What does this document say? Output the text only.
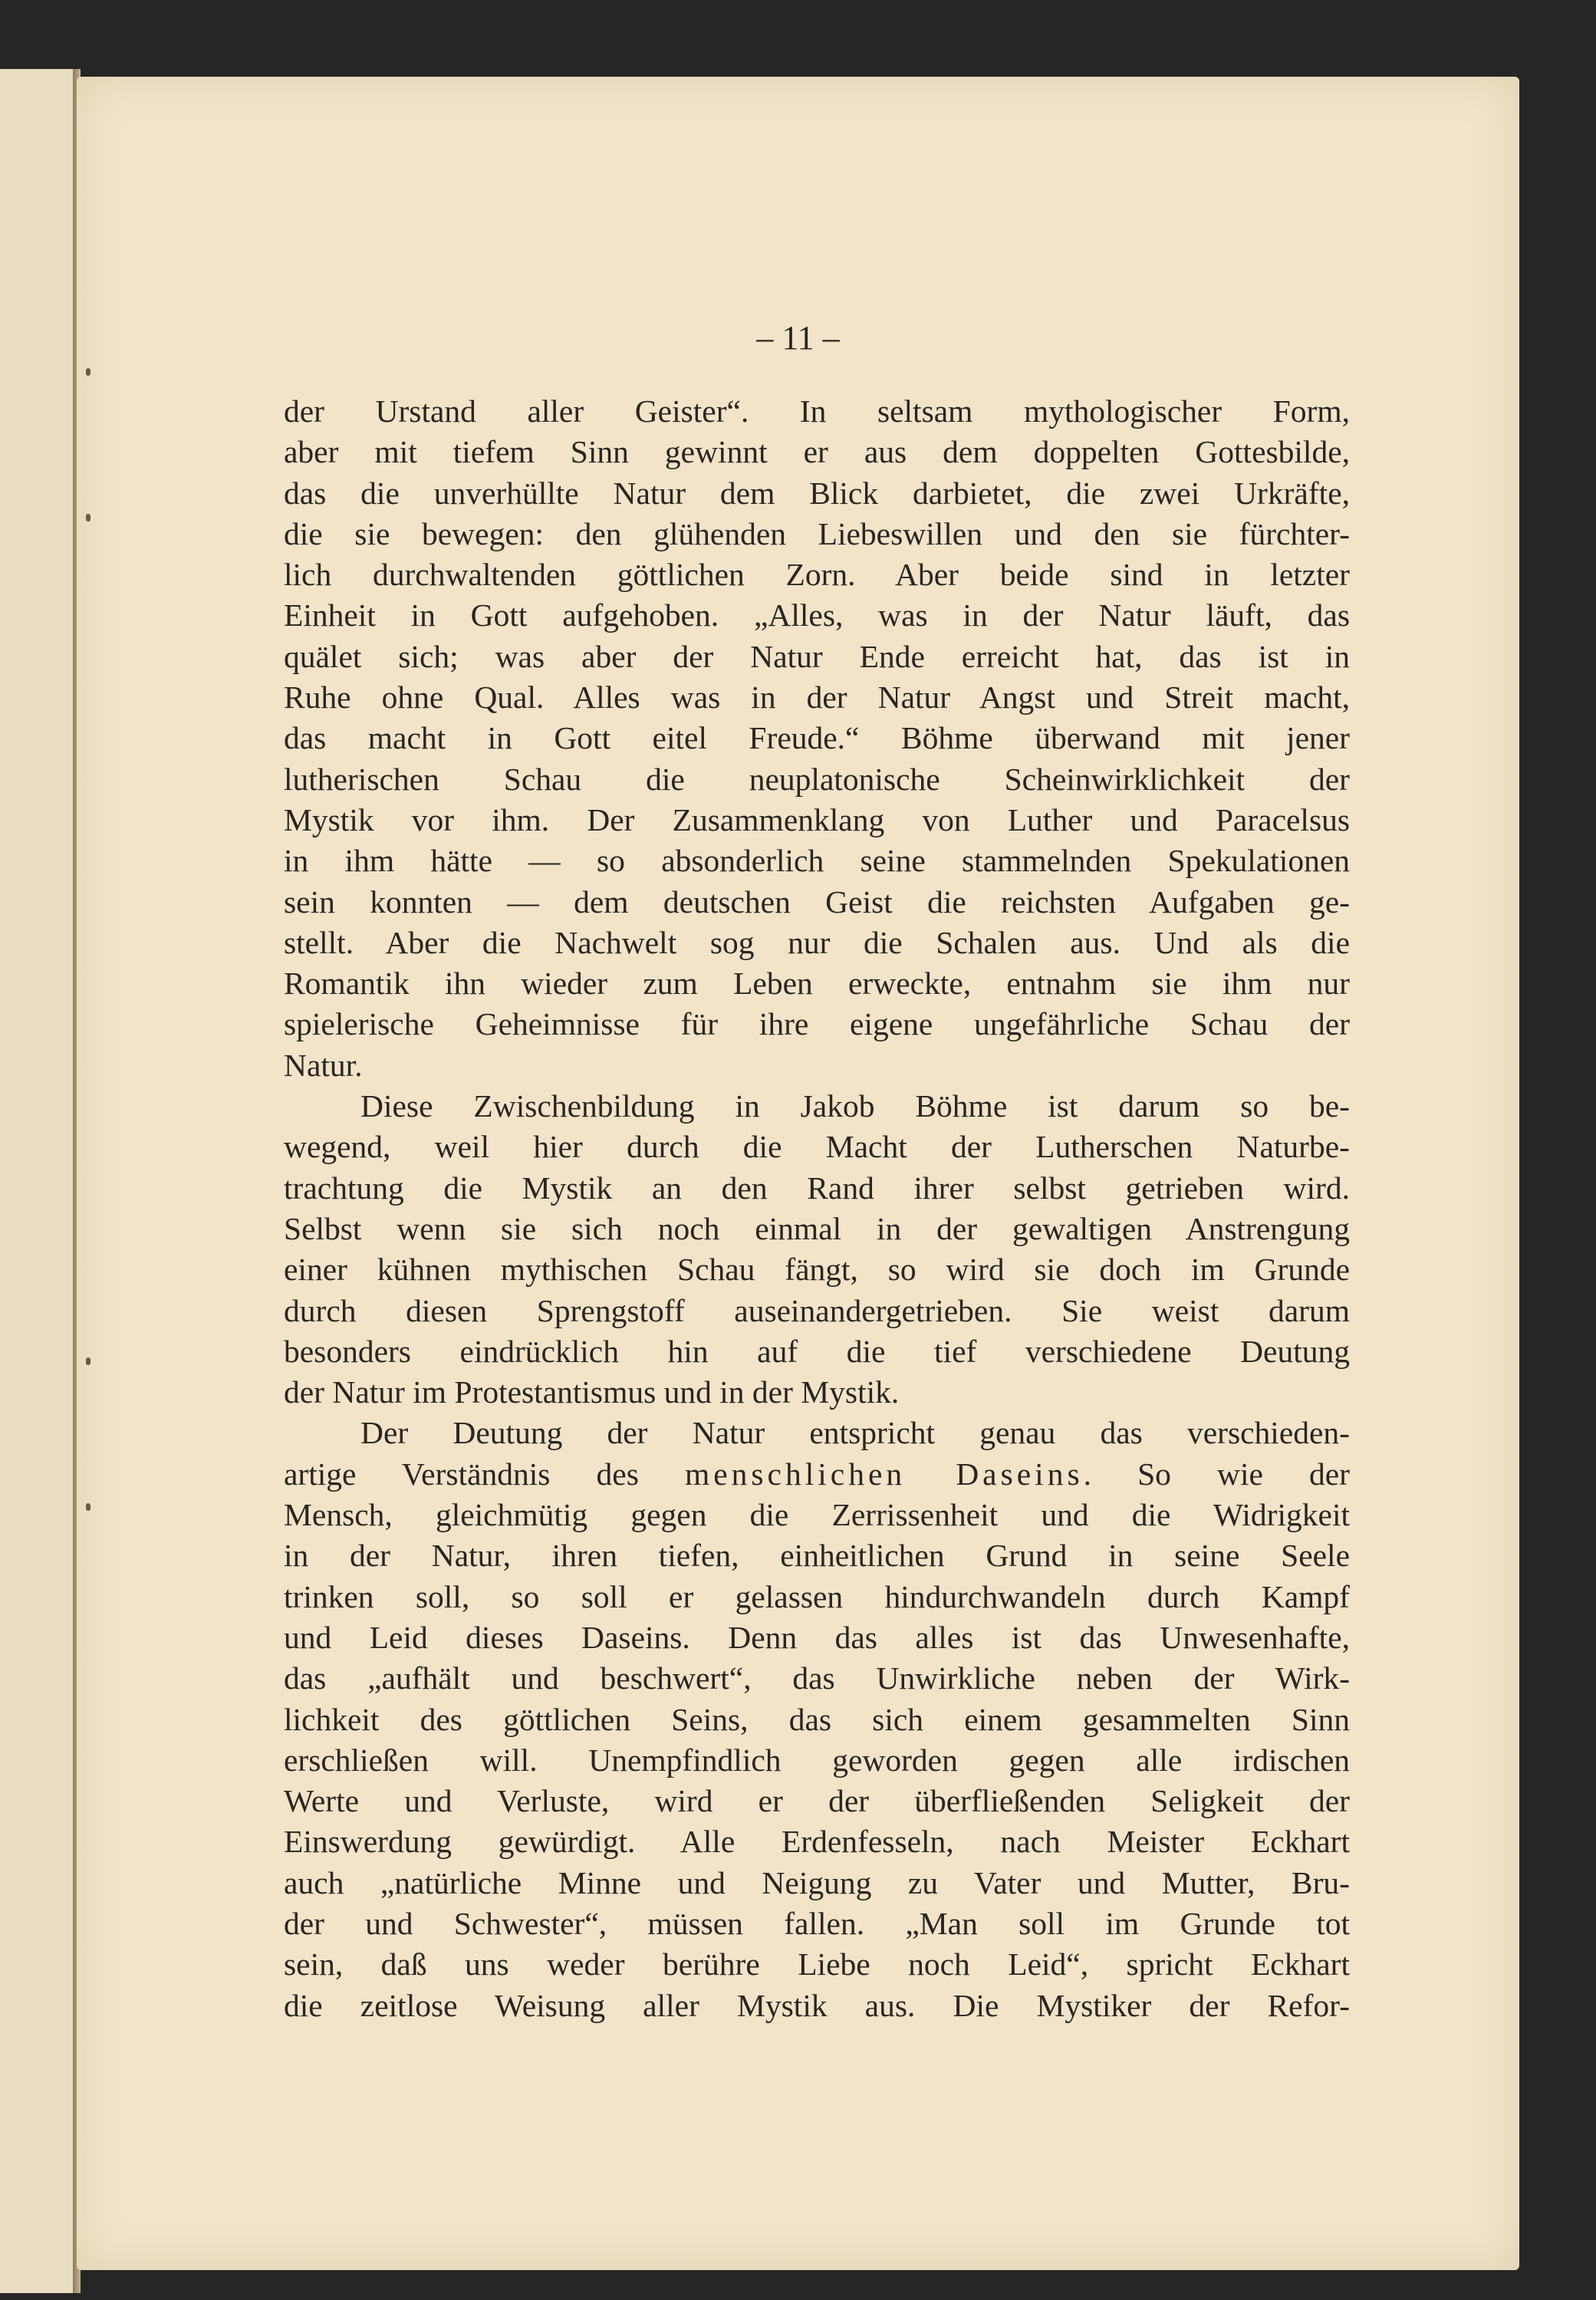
– 11 –
der Urstand aller Geister“. In seltsam mythologischer Form,
aber mit tiefem Sinn gewinnt er aus dem doppelten Gottesbilde,
das die unverhüllte Natur dem Blick darbietet, die zwei Urkräfte,
die sie bewegen: den glühenden Liebeswillen und den sie fürchter-
lich durchwaltenden göttlichen Zorn. Aber beide sind in letzter
Einheit in Gott aufgehoben. „Alles, was in der Natur läuft, das
quälet sich; was aber der Natur Ende erreicht hat, das ist in
Ruhe ohne Qual. Alles was in der Natur Angst und Streit macht,
das macht in Gott eitel Freude.“ Böhme überwand mit jener
lutherischen Schau die neuplatonische Scheinwirklichkeit der
Mystik vor ihm. Der Zusammenklang von Luther und Paracelsus
in ihm hätte — so absonderlich seine stammelnden Spekulationen
sein konnten — dem deutschen Geist die reichsten Aufgaben ge-
stellt. Aber die Nachwelt sog nur die Schalen aus. Und als die
Romantik ihn wieder zum Leben erweckte, entnahm sie ihm nur
spielerische Geheimnisse für ihre eigene ungefährliche Schau der
Natur.
Diese Zwischenbildung in Jakob Böhme ist darum so be-
wegend, weil hier durch die Macht der Lutherschen Naturbe-
trachtung die Mystik an den Rand ihrer selbst getrieben wird.
Selbst wenn sie sich noch einmal in der gewaltigen Anstrengung
einer kühnen mythischen Schau fängt, so wird sie doch im Grunde
durch diesen Sprengstoff auseinandergetrieben. Sie weist darum
besonders eindrücklich hin auf die tief verschiedene Deutung
der Natur im Protestantismus und in der Mystik.
Der Deutung der Natur entspricht genau das verschieden-
artige Verständnis des menschlichen Daseins. So wie der
Mensch, gleichmütig gegen die Zerrissenheit und die Widrigkeit
in der Natur, ihren tiefen, einheitlichen Grund in seine Seele
trinken soll, so soll er gelassen hindurchwandeln durch Kampf
und Leid dieses Daseins. Denn das alles ist das Unwesenhafte,
das „aufhält und beschwert“, das Unwirkliche neben der Wirk-
lichkeit des göttlichen Seins, das sich einem gesammelten Sinn
erschließen will. Unempfindlich geworden gegen alle irdischen
Werte und Verluste, wird er der überfließenden Seligkeit der
Einswerdung gewürdigt. Alle Erdenfesseln, nach Meister Eckhart
auch „natürliche Minne und Neigung zu Vater und Mutter, Bru-
der und Schwester“, müssen fallen. „Man soll im Grunde tot
sein, daß uns weder berühre Liebe noch Leid“, spricht Eckhart
die zeitlose Weisung aller Mystik aus. Die Mystiker der Refor-
